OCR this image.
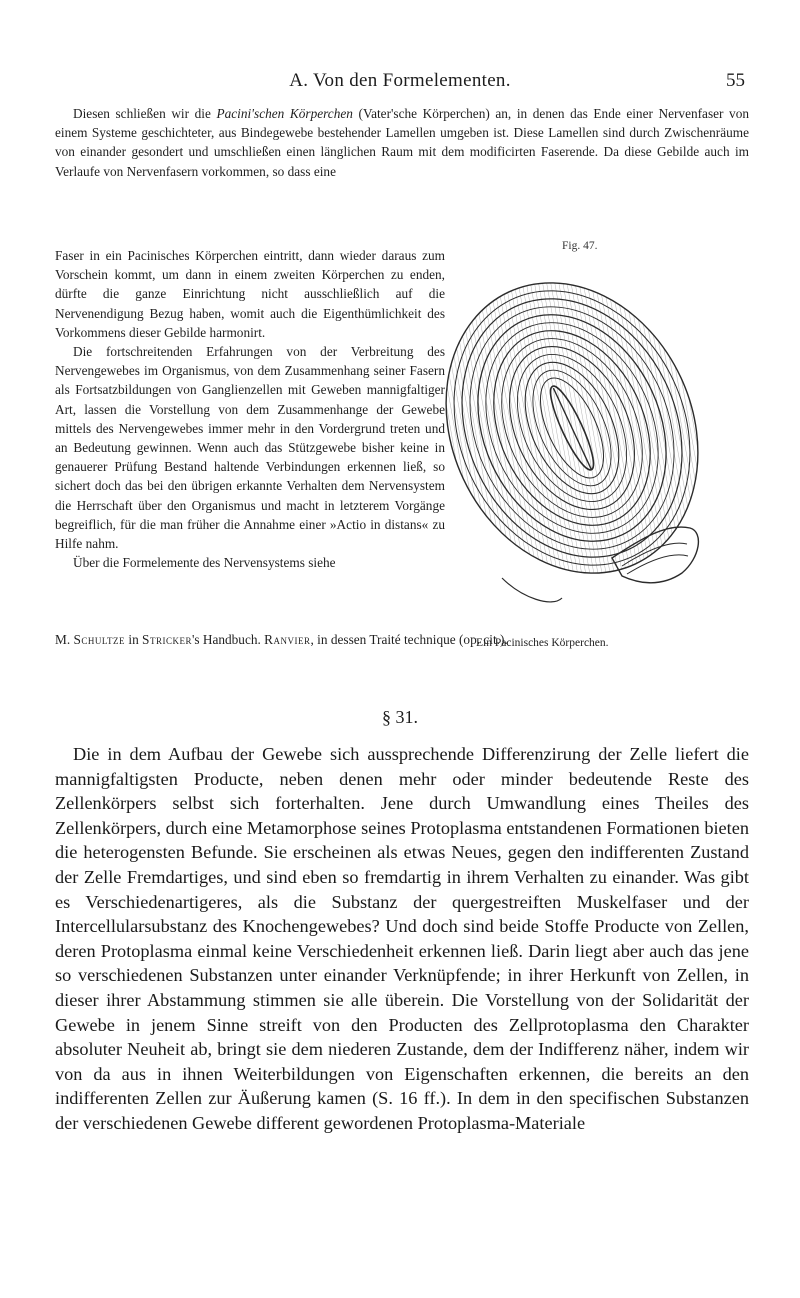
A. Von den Formelementen.	55

Diesen schließen wir die Pacini'schen Körperchen (Vater'sche Körperchen) an, in denen das Ende einer Nervenfaser von einem Systeme geschichteter, aus Bindegewebe bestehender Lamellen umgeben ist. Diese Lamellen sind durch Zwischenräume von einander gesondert und umschließen einen länglichen Raum mit dem modificirten Faserende. Da diese Gebilde auch im Verlaufe von Nervenfasern vorkommen, so dass eine

Faser in ein Pacinisches Körperchen eintritt, dann wieder daraus zum Vorschein kommt, um dann in einem zweiten Körperchen zu enden, dürfte die ganze Einrichtung nicht ausschließlich auf die Nervenendigung Bezug haben, womit auch die Eigenthümlichkeit des Vorkommens dieser Gebilde harmonirt.

Die fortschreitenden Erfahrungen von der Verbreitung des Nervengewebes im Organismus, von dem Zusammenhang seiner Fasern als Fortsatzbildungen von Ganglienzellen mit Geweben mannigfaltiger Art, lassen die Vorstellung von dem Zusammenhange der Gewebe mittels des Nervengewebes immer mehr in den Vordergrund treten und an Bedeutung gewinnen. Wenn auch das Stützgewebe bisher keine in genauerer Prüfung Bestand haltende Verbindungen erkennen ließ, so sichert doch das bei den übrigen erkannte Verhalten dem Nervensystem die Herrschaft über den Organismus und macht in letzterem Vorgänge begreiflich, für die man früher die Annahme einer »Actio in distans« zu Hilfe nahm.

Über die Formelemente des Nervensystems siehe

M. Schultze in Stricker's Handbuch. Ranvier, in dessen Traité technique (op. cit.).

Fig. 47.
Ein Pacinisches Körperchen.
§ 31.

Die in dem Aufbau der Gewebe sich aussprechende Differenzirung der Zelle liefert die mannigfaltigsten Producte, neben denen mehr oder minder bedeutende Reste des Zellenkörpers selbst sich forterhalten. Jene durch Umwandlung eines Theiles des Zellenkörpers, durch eine Metamorphose seines Protoplasma entstandenen Formationen bieten die heterogensten Befunde. Sie erscheinen als etwas Neues, gegen den indifferenten Zustand der Zelle Fremdartiges, und sind eben so fremdartig in ihrem Verhalten zu einander. Was gibt es Verschiedenartigeres, als die Substanz der quergestreiften Muskelfaser und der Intercellularsubstanz des Knochengewebes? Und doch sind beide Stoffe Producte von Zellen, deren Protoplasma einmal keine Verschiedenheit erkennen ließ. Darin liegt aber auch das jene so verschiedenen Substanzen unter einander Verknüpfende; in ihrer Herkunft von Zellen, in dieser ihrer Abstammung stimmen sie alle überein. Die Vorstellung von der Solidarität der Gewebe in jenem Sinne streift von den Producten des Zellprotoplasma den Charakter absoluter Neuheit ab, bringt sie dem niederen Zustande, dem der Indifferenz näher, indem wir von da aus in ihnen Weiterbildungen von Eigenschaften erkennen, die bereits an den indifferenten Zellen zur Äußerung kamen (S. 16 ff.). In dem in den specifischen Substanzen der verschiedenen Gewebe different gewordenen Protoplasma-Materiale
